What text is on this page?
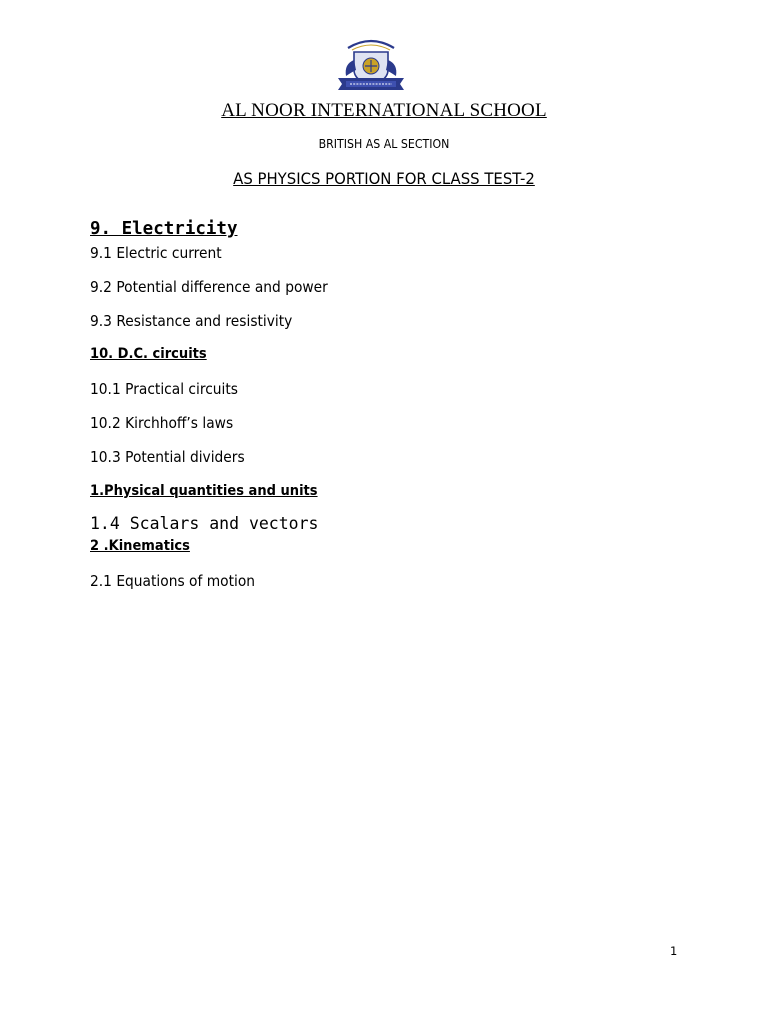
AL NOOR INTERNATIONAL SCHOOL
BRITISH AS AL SECTION
AS PHYSICS PORTION FOR CLASS TEST-2
9. Electricity
9.1 Electric current
9.2 Potential difference and power
9.3 Resistance and resistivity
10. D.C. circuits
10.1 Practical circuits
10.2 Kirchhoff’s laws
10.3 Potential dividers
1.Physical quantities and units
1.4 Scalars and vectors
2 .Kinematics
2.1 Equations of motion
1
